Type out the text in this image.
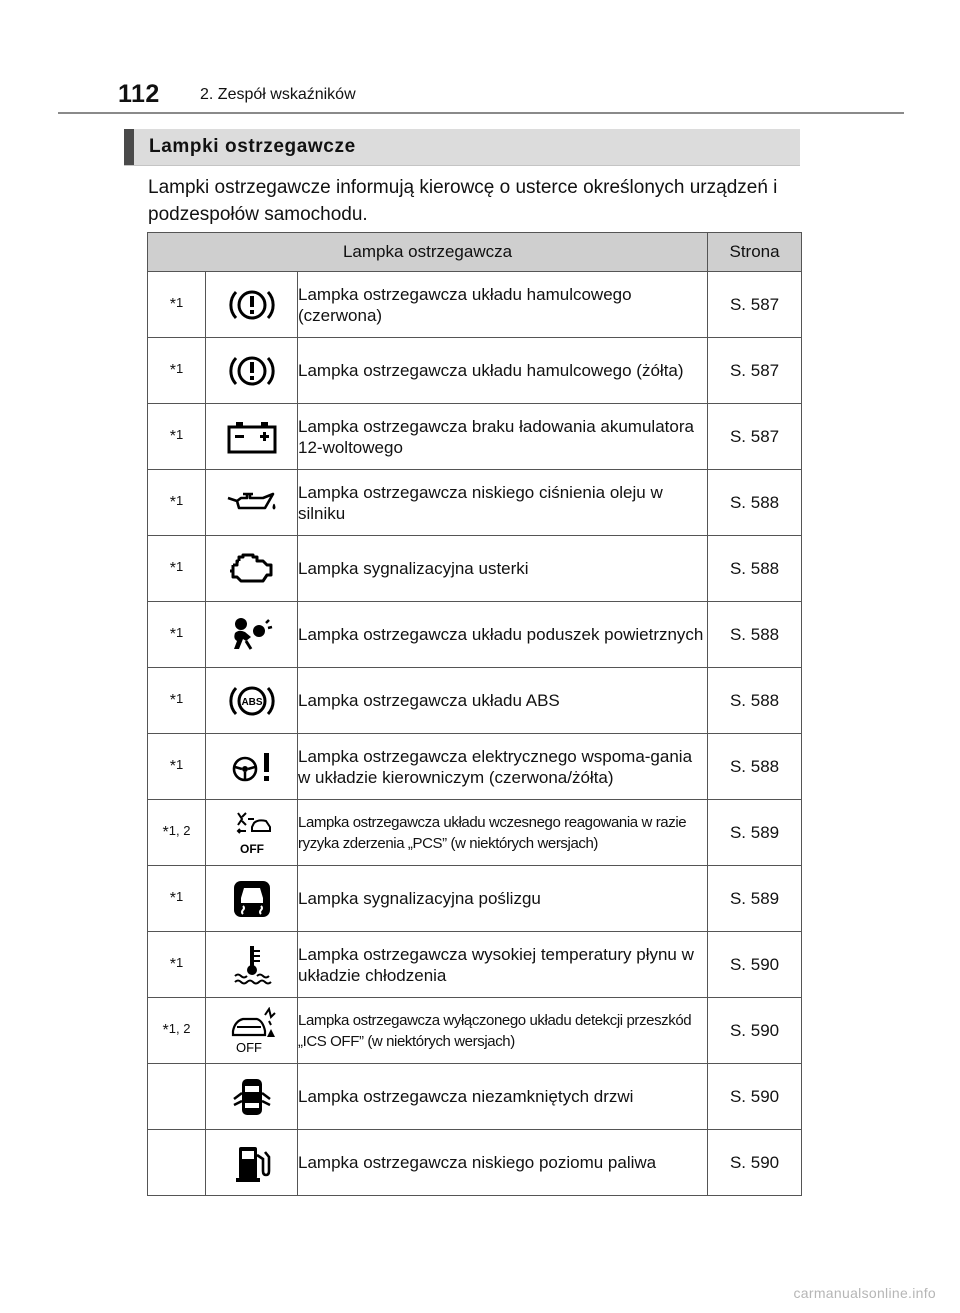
112	2. Zespół wskaźników
Lampki ostrzegawcze
Lampki ostrzegawcze informują kierowcę o usterce określonych urządzeń i podzespołów samochodu.
Lampka ostrzegawcza			Strona
*1		Lampka ostrzegawcza układu hamulcowego (czerwona)	S. 587
*1		Lampka ostrzegawcza układu hamulcowego (żółta)	S. 587
*1		Lampka ostrzegawcza braku ładowania akumulatora 12-woltowego	S. 587
*1		Lampka ostrzegawcza niskiego ciśnienia oleju w silniku	S. 588
*1		Lampka sygnalizacyjna usterki	S. 588
*1		Lampka ostrzegawcza układu poduszek powietrznych	S. 588
*1	ABS	Lampka ostrzegawcza układu ABS	S. 588
*1		Lampka ostrzegawcza elektrycznego wspoma-gania w układzie kierowniczym (czerwona/żółta)	S. 588
*1, 2	OFF	Lampka ostrzegawcza układu wczesnego reagowania w razie ryzyka zderzenia „PCS” (w niektórych wersjach)	S. 589
*1		Lampka sygnalizacyjna poślizgu	S. 589
*1		Lampka ostrzegawcza wysokiej temperatury płynu w układzie chłodzenia	S. 590
*1, 2	OFF	Lampka ostrzegawcza wyłączonego układu detekcji przeszkód „ICS OFF” (w niektórych wersjach)	S. 590

	Lampka ostrzegawcza niezamkniętych drzwi	S. 590

	Lampka ostrzegawcza niskiego poziomu paliwa	S. 590
carmanualsonline.info
